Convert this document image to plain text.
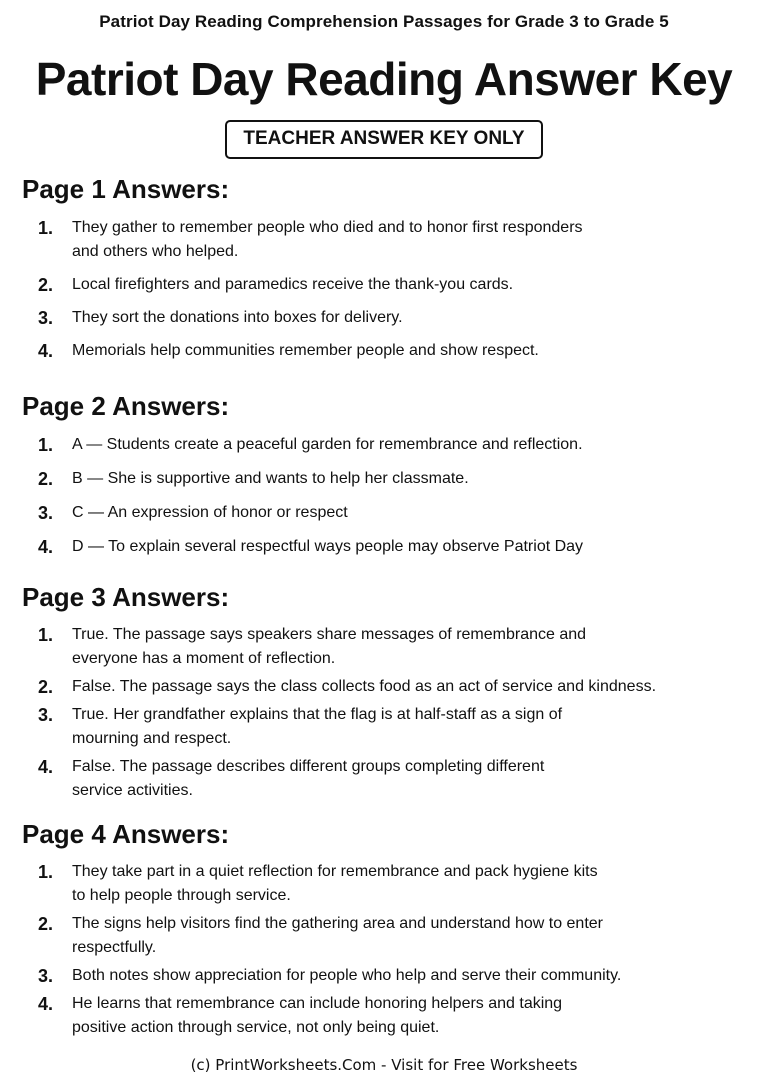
Patriot Day Reading Comprehension Passages for Grade 3 to Grade 5
Patriot Day Reading Answer Key
TEACHER ANSWER KEY ONLY
Page 1 Answers:
1. They gather to remember people who died and to honor first responders
and others who helped.
2. Local firefighters and paramedics receive the thank-you cards.
3. They sort the donations into boxes for delivery.
4. Memorials help communities remember people and show respect.
Page 2 Answers:
1. A — Students create a peaceful garden for remembrance and reflection.
2. B — She is supportive and wants to help her classmate.
3. C — An expression of honor or respect
4. D — To explain several respectful ways people may observe Patriot Day
Page 3 Answers:
1. True. The passage says speakers share messages of remembrance and
everyone has a moment of reflection.
2. False. The passage says the class collects food as an act of service and kindness.
3. True. Her grandfather explains that the flag is at half-staff as a sign of
mourning and respect.
4. False. The passage describes different groups completing different
service activities.
Page 4 Answers:
1. They take part in a quiet reflection for remembrance and pack hygiene kits
to help people through service.
2. The signs help visitors find the gathering area and understand how to enter
respectfully.
3. Both notes show appreciation for people who help and serve their community.
4. He learns that remembrance can include honoring helpers and taking
positive action through service, not only being quiet.
(c) PrintWorksheets.Com - Visit for Free Worksheets
